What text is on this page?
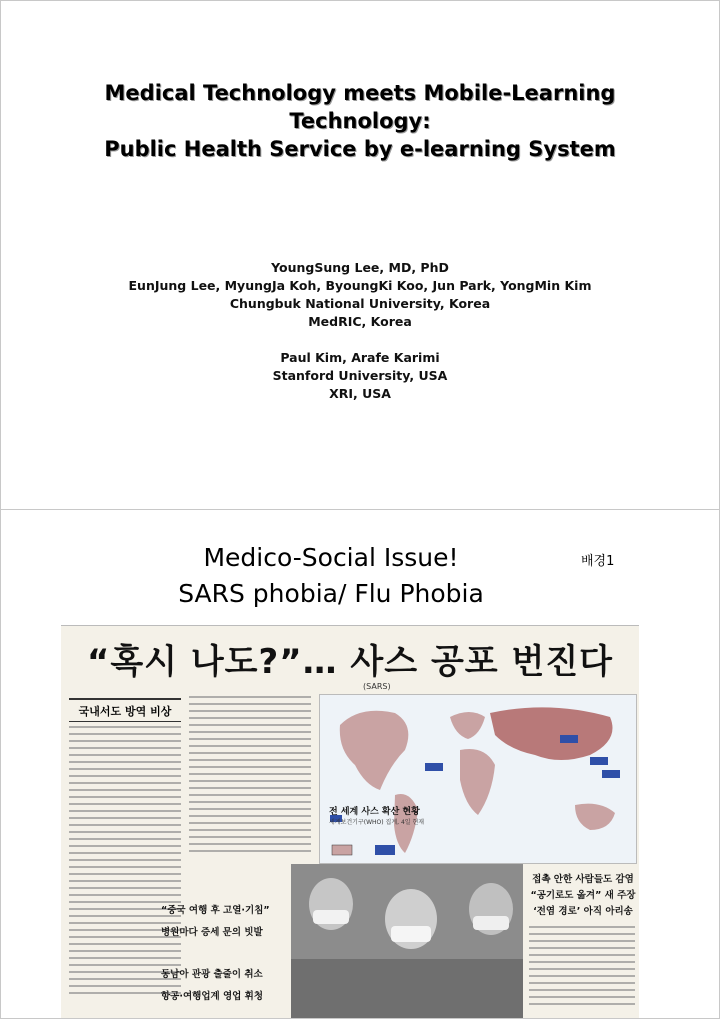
Medical Technology meets Mobile-Learning
Technology:
Public Health Service by e-learning System
YoungSung Lee, MD, PhD
EunJung Lee, MyungJa Koh, ByoungKi Koo, Jun Park, YongMin Kim
Chungbuk National University, Korea
MedRIC, Korea
Paul Kim, Arafe Karimi
Stanford University, USA
XRI, USA
Medico-Social Issue!
SARS phobia/ Flu Phobia
배경1
“혹시 나도?”… 사스 공포 번진다
(SARS)
국내서도 방역 비상
전 세계 사스 확산 현황
세계보건기구(WHO) 집계, 4일 현재
“중국 여행 후 고열·기침”
병원마다 증세 문의 빗발
동남아 관광 출줄이 취소
항공·여행업계 영업 휘청
접촉 안한 사람들도 감염
“공기로도 옮겨” 새 주장
‘전염 경로’ 아직 아리송
